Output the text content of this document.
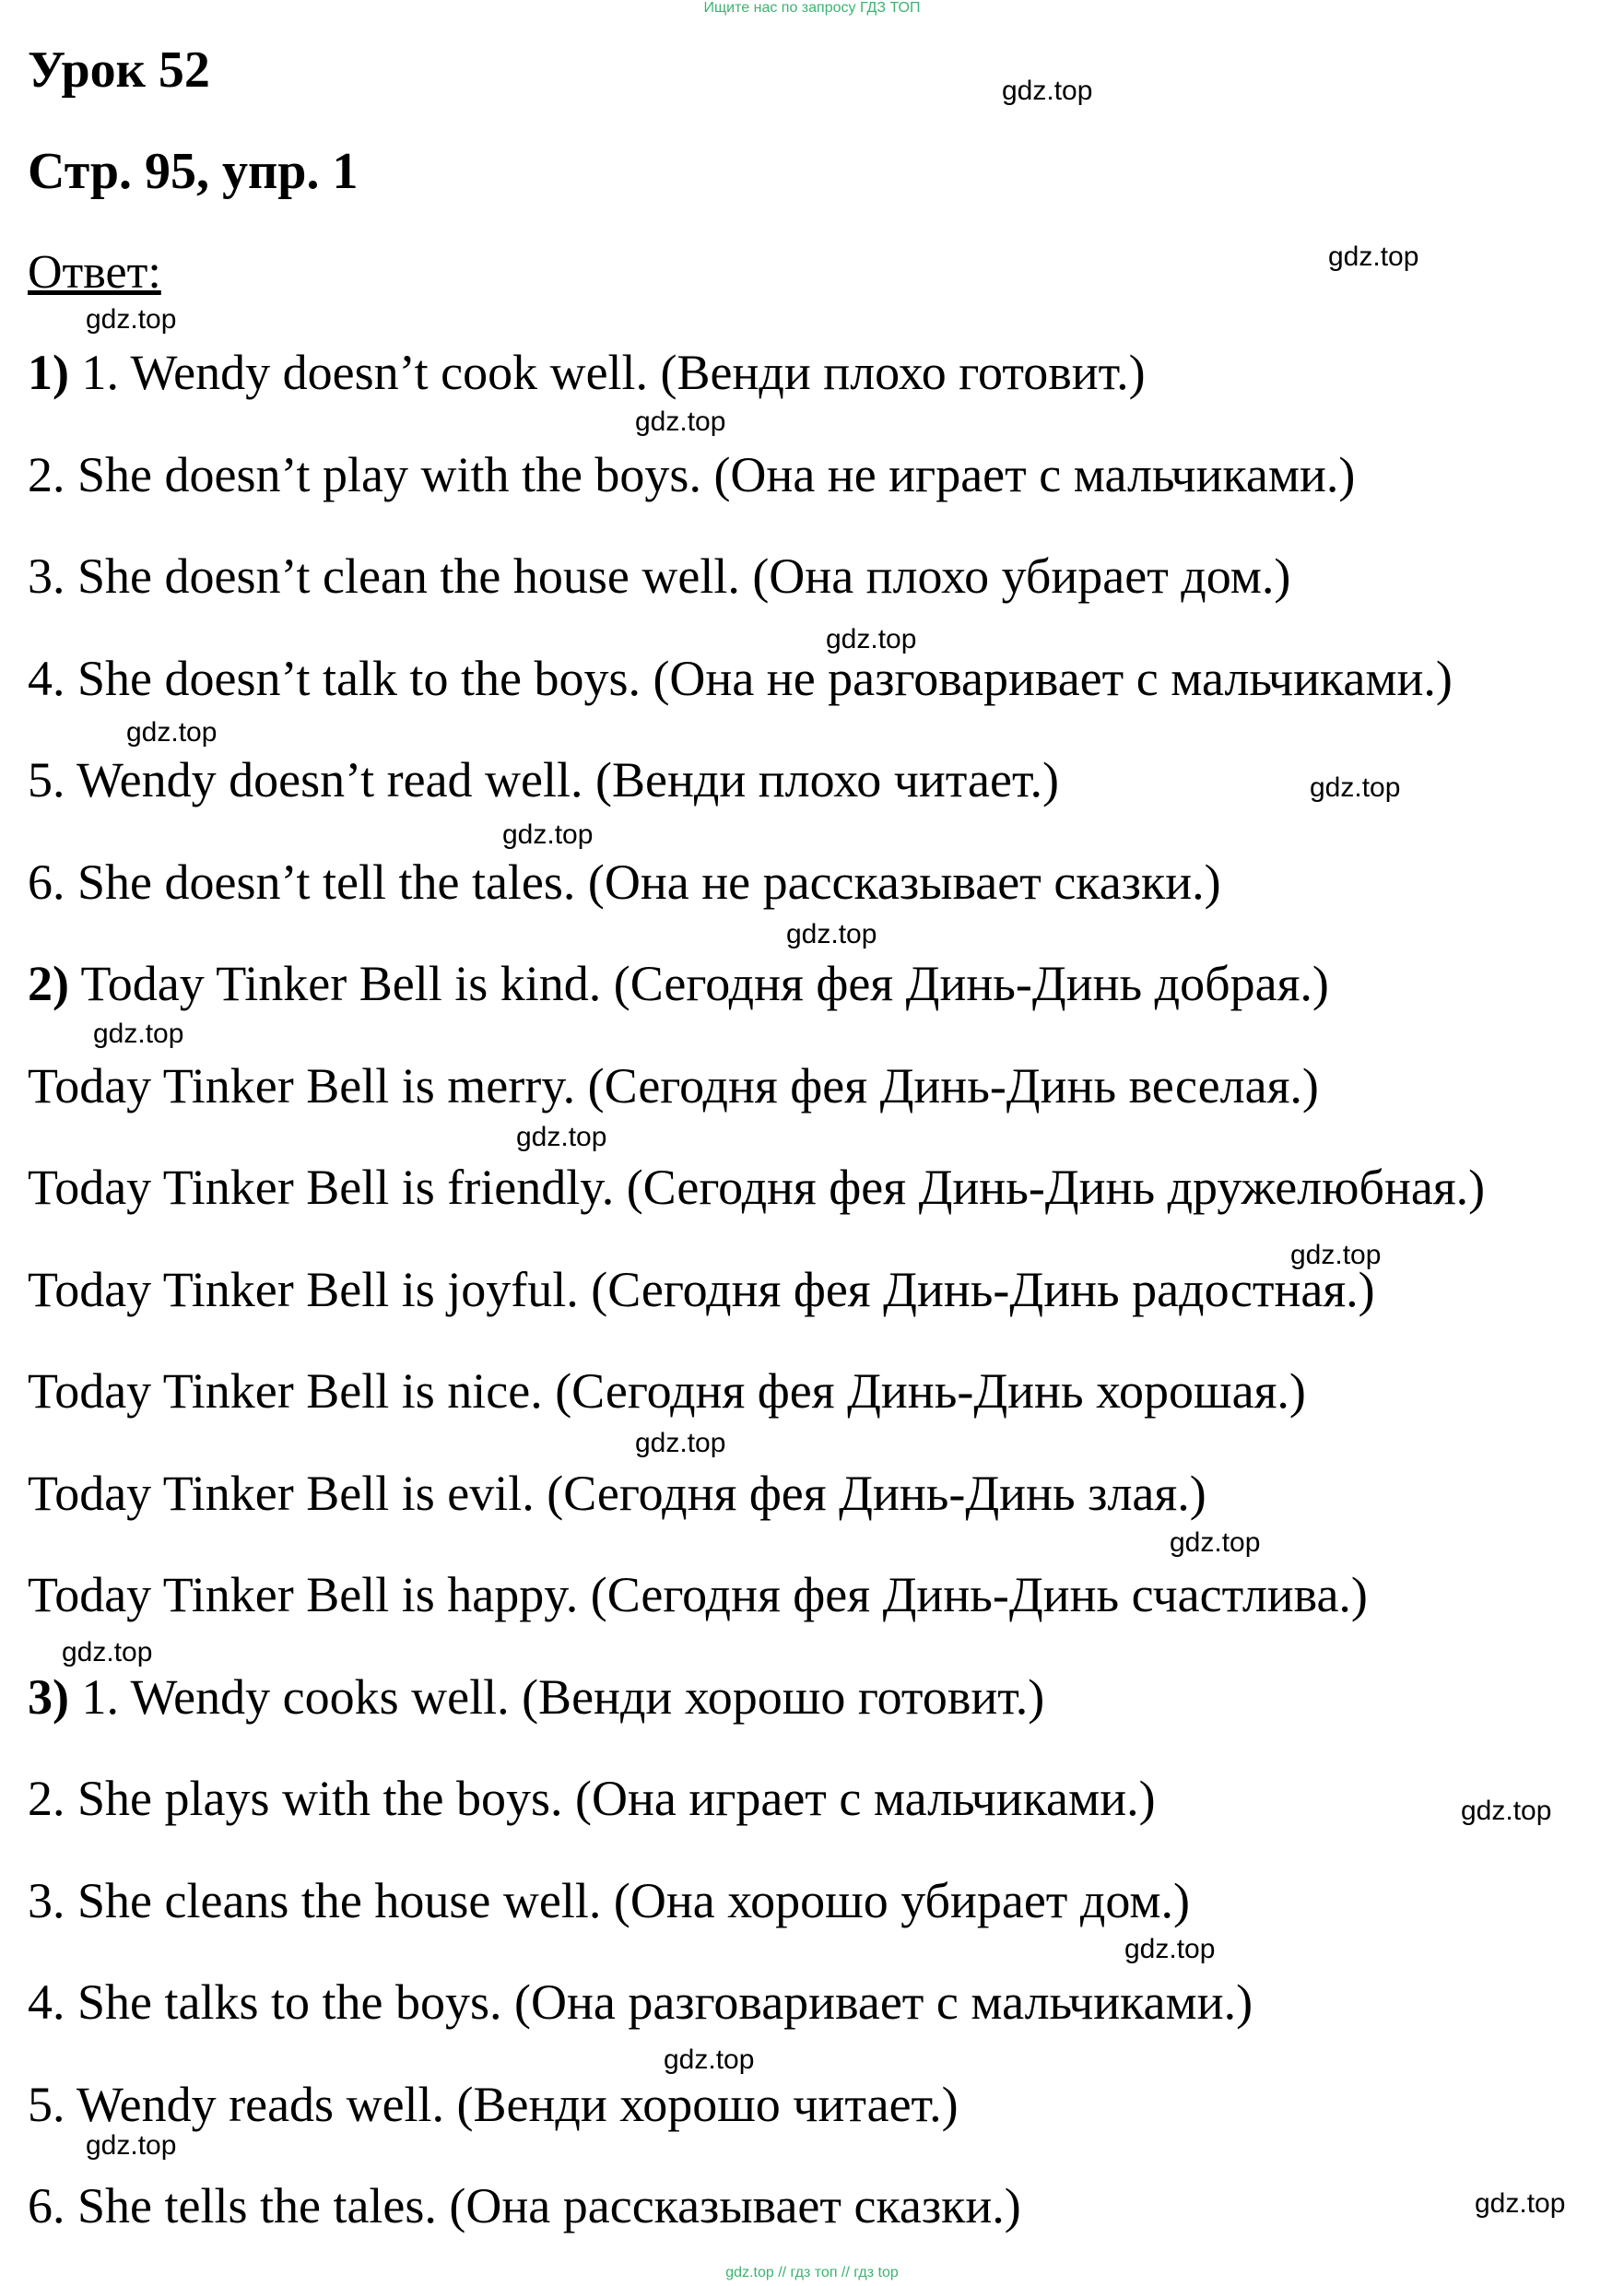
Ищите нас по запросу ГДЗ ТОП
Урок 52
Стр. 95, упр. 1
Ответ:
1) 1. Wendy doesn’t cook well. (Венди плохо готовит.)
2. She doesn’t play with the boys. (Она не играет с мальчиками.)
3. She doesn’t clean the house well. (Она плохо убирает дом.)
4. She doesn’t talk to the boys. (Она не разговаривает с мальчиками.)
5. Wendy doesn’t read well. (Венди плохо читает.)
6. She doesn’t tell the tales. (Она не рассказывает сказки.)
2) Today Tinker Bell is kind. (Сегодня фея Динь-Динь добрая.)
Today Tinker Bell is merry. (Сегодня фея Динь-Динь веселая.)
Today Tinker Bell is friendly. (Сегодня фея Динь-Динь дружелюбная.)
Today Tinker Bell is joyful. (Сегодня фея Динь-Динь радостная.)
Today Tinker Bell is nice. (Сегодня фея Динь-Динь хорошая.)
Today Tinker Bell is evil. (Сегодня фея Динь-Динь злая.)
Today Tinker Bell is happy. (Сегодня фея Динь-Динь счастлива.)
3) 1. Wendy cooks well. (Венди хорошо готовит.)
2. She plays with the boys. (Она играет с мальчиками.)
3. She cleans the house well. (Она хорошо убирает дом.)
4. She talks to the boys. (Она разговаривает с мальчиками.)
5. Wendy reads well. (Венди хорошо читает.)
6. She tells the tales. (Она рассказывает сказки.)
gdz.top
gdz.top
gdz.top
gdz.top
gdz.top
gdz.top
gdz.top
gdz.top
gdz.top
gdz.top
gdz.top
gdz.top
gdz.top
gdz.top
gdz.top
gdz.top
gdz.top
gdz.top
gdz.top
gdz.top
gdz.top // гдз топ // гдз top
